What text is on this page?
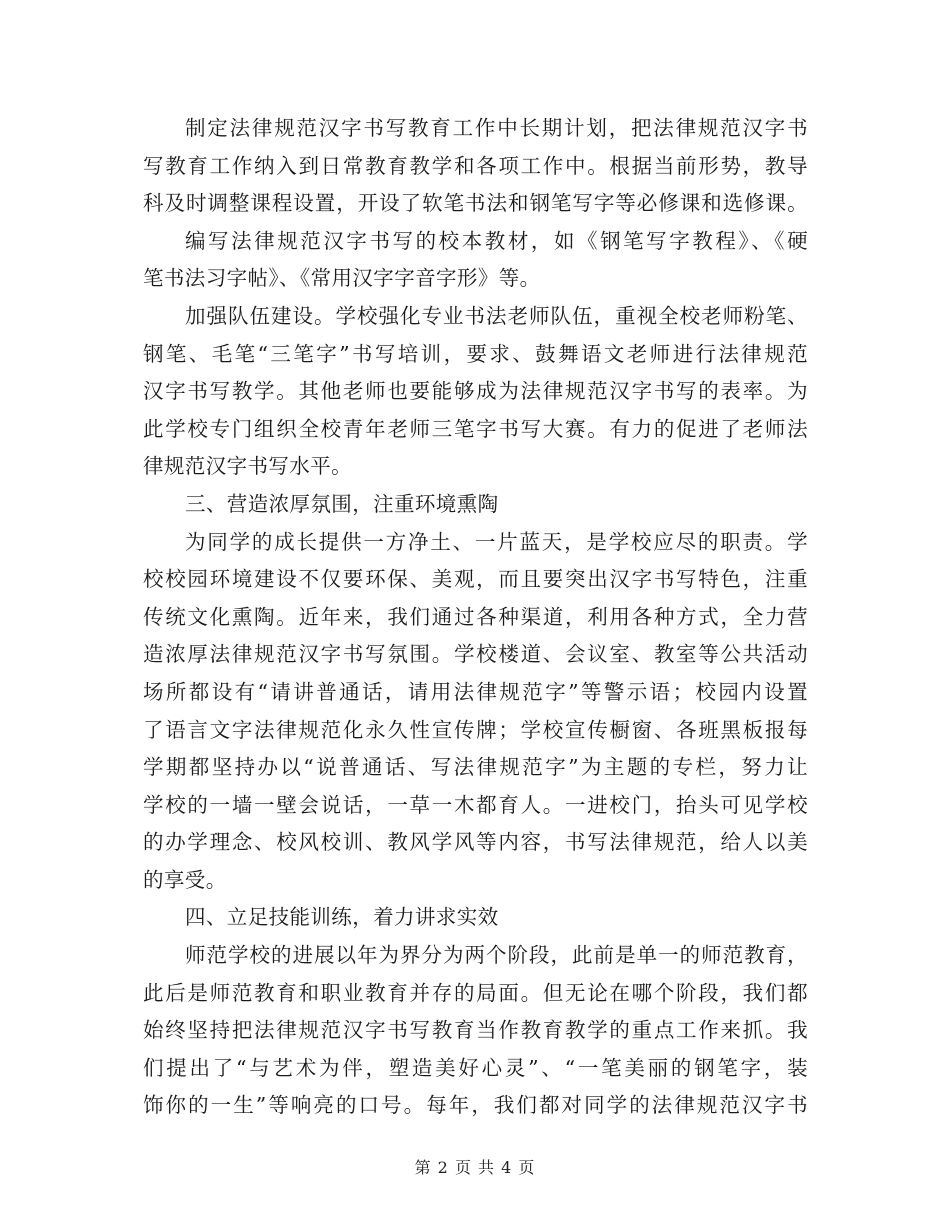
制定法律规范汉字书写教育工作中长期计划，把法律规范汉字书
写教育工作纳入到日常教育教学和各项工作中。根据当前形势，教导
科及时调整课程设置，开设了软笔书法和钢笔写字等必修课和选修课。
编写法律规范汉字书写的校本教材，如《钢笔写字教程》、《硬
笔书法习字帖》、《常用汉字字音字形》等。
加强队伍建设。学校强化专业书法老师队伍，重视全校老师粉笔、
钢笔、毛笔“三笔字”书写培训，要求、鼓舞语文老师进行法律规范
汉字书写教学。其他老师也要能够成为法律规范汉字书写的表率。为
此学校专门组织全校青年老师三笔字书写大赛。有力的促进了老师法
律规范汉字书写水平。
三、营造浓厚氛围，注重环境熏陶
为同学的成长提供一方净土、一片蓝天，是学校应尽的职责。学
校校园环境建设不仅要环保、美观，而且要突出汉字书写特色，注重
传统文化熏陶。近年来，我们通过各种渠道，利用各种方式，全力营
造浓厚法律规范汉字书写氛围。学校楼道、会议室、教室等公共活动
场所都设有“请讲普通话，请用法律规范字”等警示语；校园内设置
了语言文字法律规范化永久性宣传牌；学校宣传橱窗、各班黑板报每
学期都坚持办以“说普通话、写法律规范字”为主题的专栏，努力让
学校的一墙一壁会说话，一草一木都育人。一进校门，抬头可见学校
的办学理念、校风校训、教风学风等内容，书写法律规范，给人以美
的享受。
四、立足技能训练，着力讲求实效
师范学校的进展以年为界分为两个阶段，此前是单一的师范教育，
此后是师范教育和职业教育并存的局面。但无论在哪个阶段，我们都
始终坚持把法律规范汉字书写教育当作教育教学的重点工作来抓。我
们提出了“与艺术为伴，塑造美好心灵”、“一笔美丽的钢笔字，装
饰你的一生”等响亮的口号。每年，我们都对同学的法律规范汉字书
第 2 页 共 4 页
